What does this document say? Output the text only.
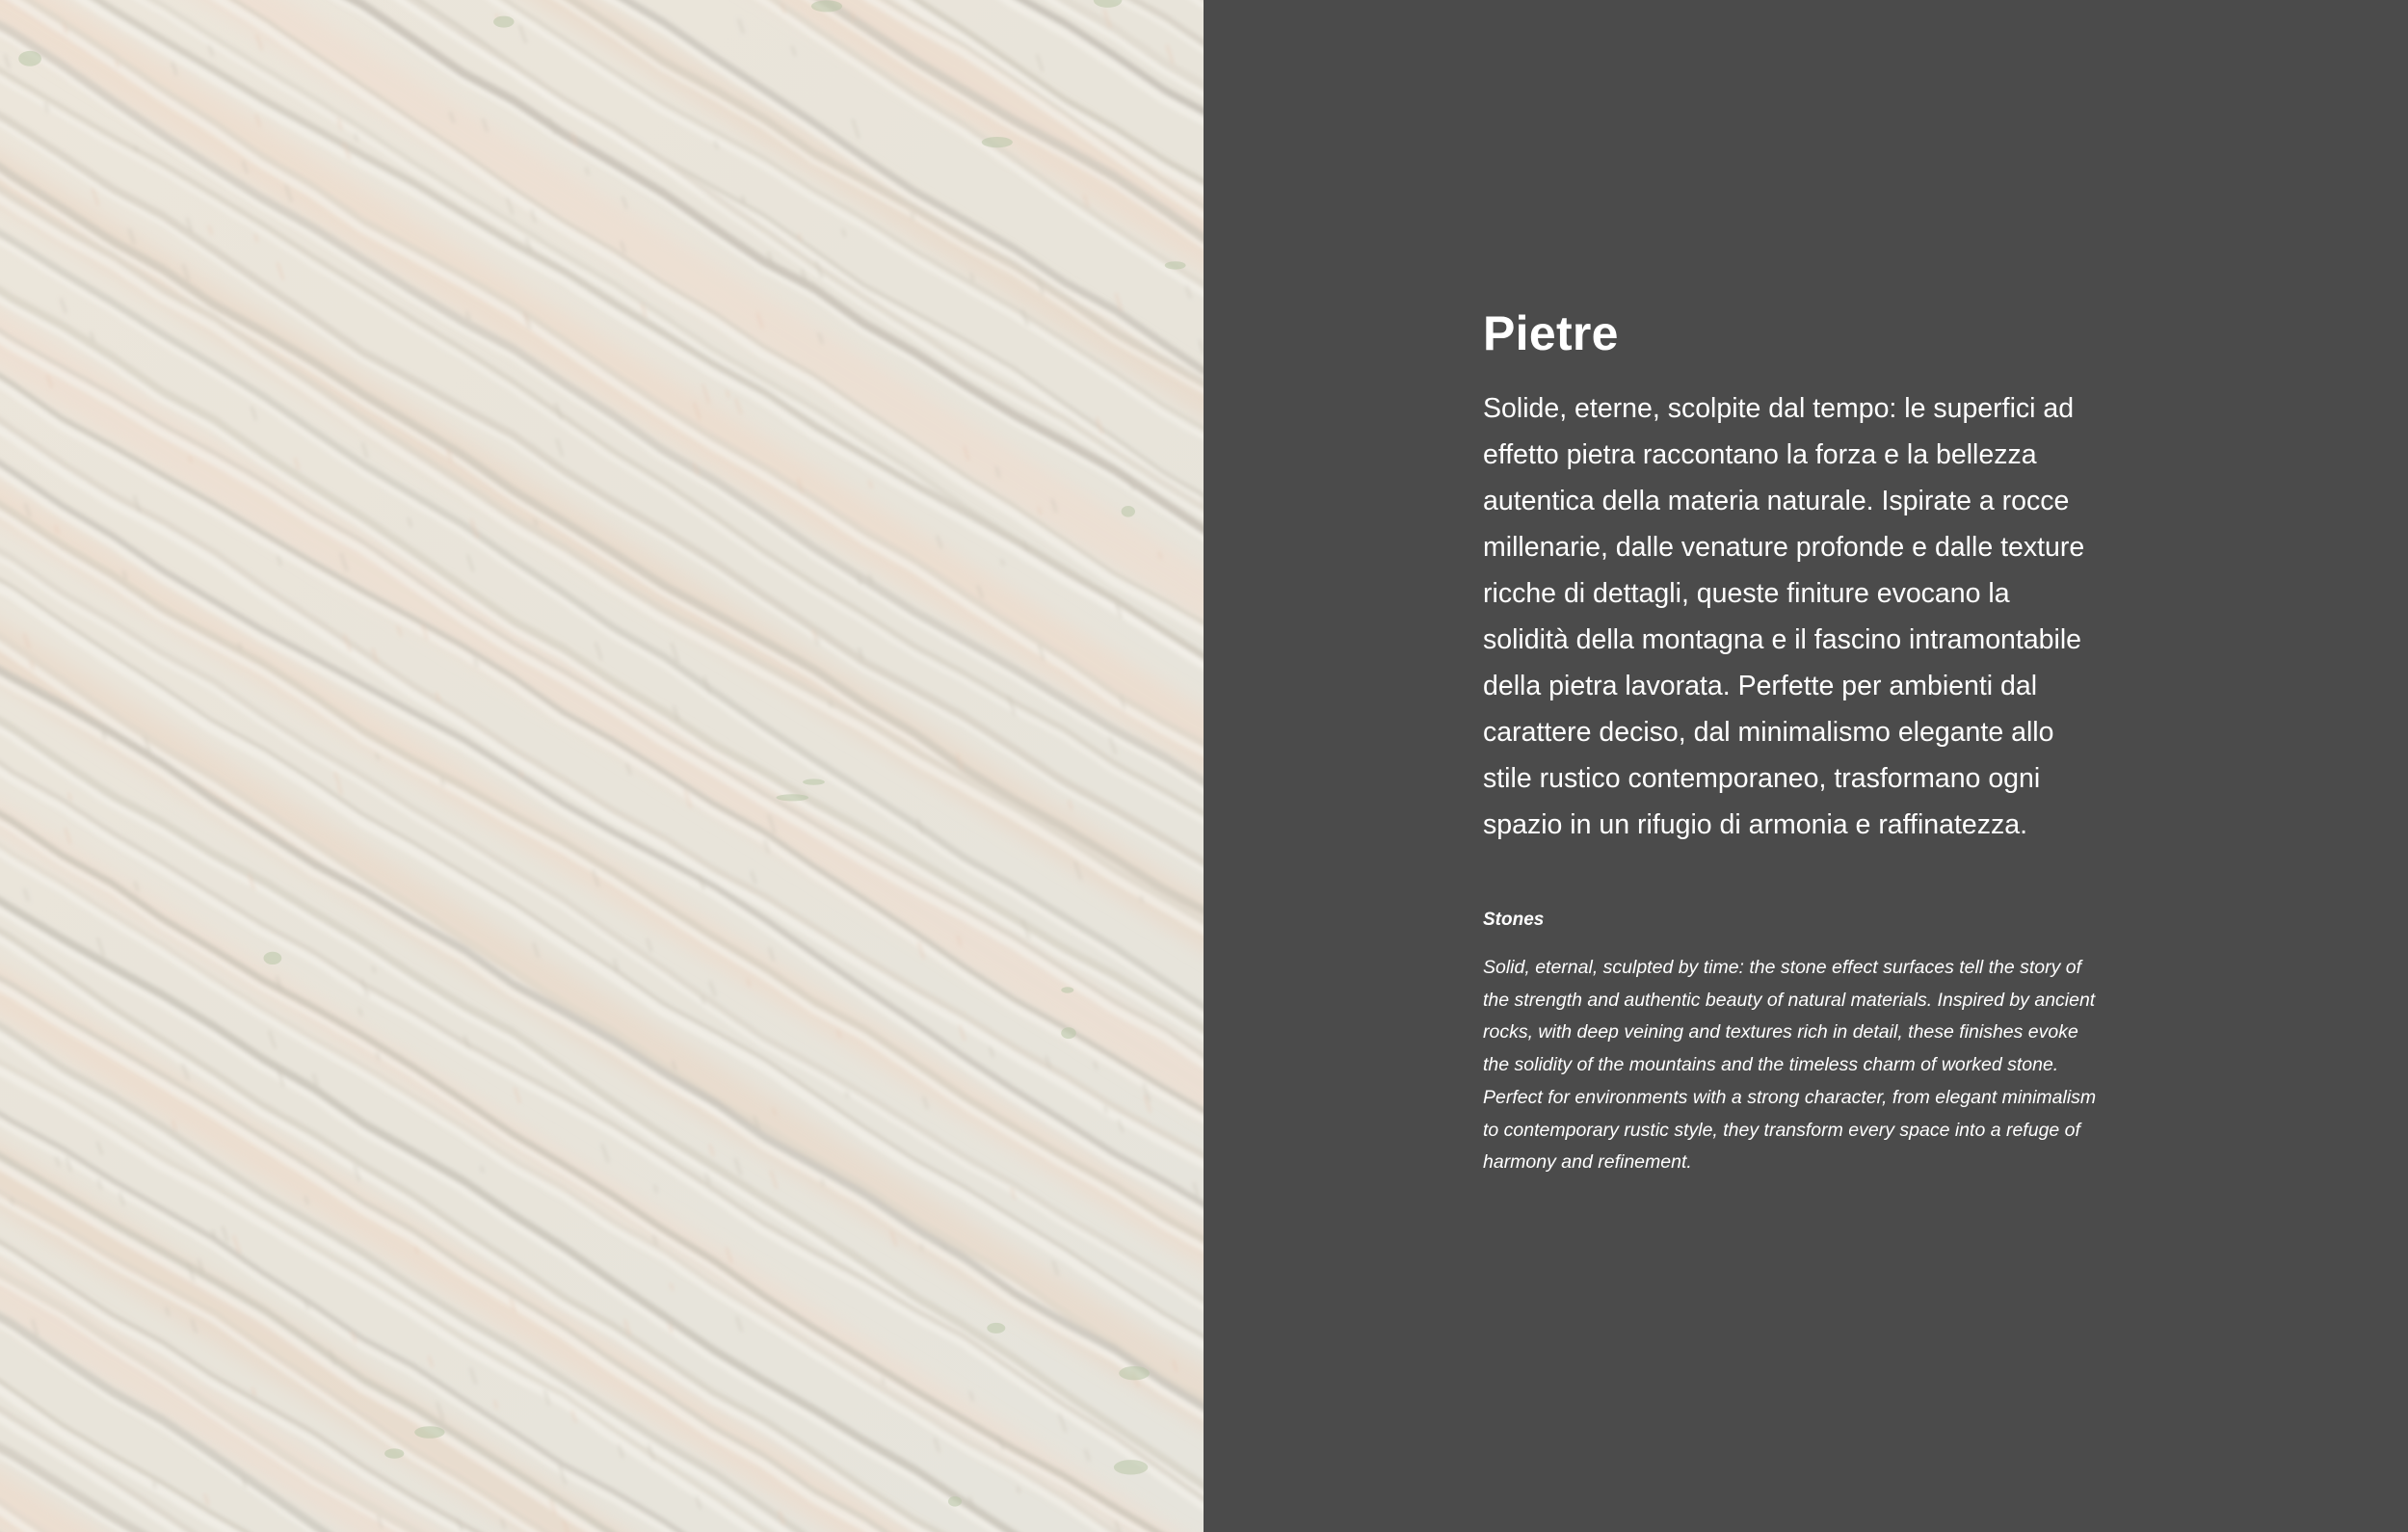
Pietre

Solide, eterne, scolpite dal tempo: le superfici ad effetto pietra raccontano la forza e la bellezza autentica della materia naturale. Ispirate a rocce millenarie, dalle venature profonde e dalle texture ricche di dettagli, queste finiture evocano la solidità della montagna e il fascino intramontabile della pietra lavorata. Perfette per ambienti dal carattere deciso, dal minimalismo elegante allo stile rustico contemporaneo, trasformano ogni spazio in un rifugio di armonia e raffinatezza.

Stones

Solid, eternal, sculpted by time: the stone effect surfaces tell the story of the strength and authentic beauty of natural materials. Inspired by ancient rocks, with deep veining and textures rich in detail, these finishes evoke the solidity of the mountains and the timeless charm of worked stone. Perfect for environments with a strong character, from elegant minimalism to contemporary rustic style, they transform every space into a refuge of harmony and refinement.
